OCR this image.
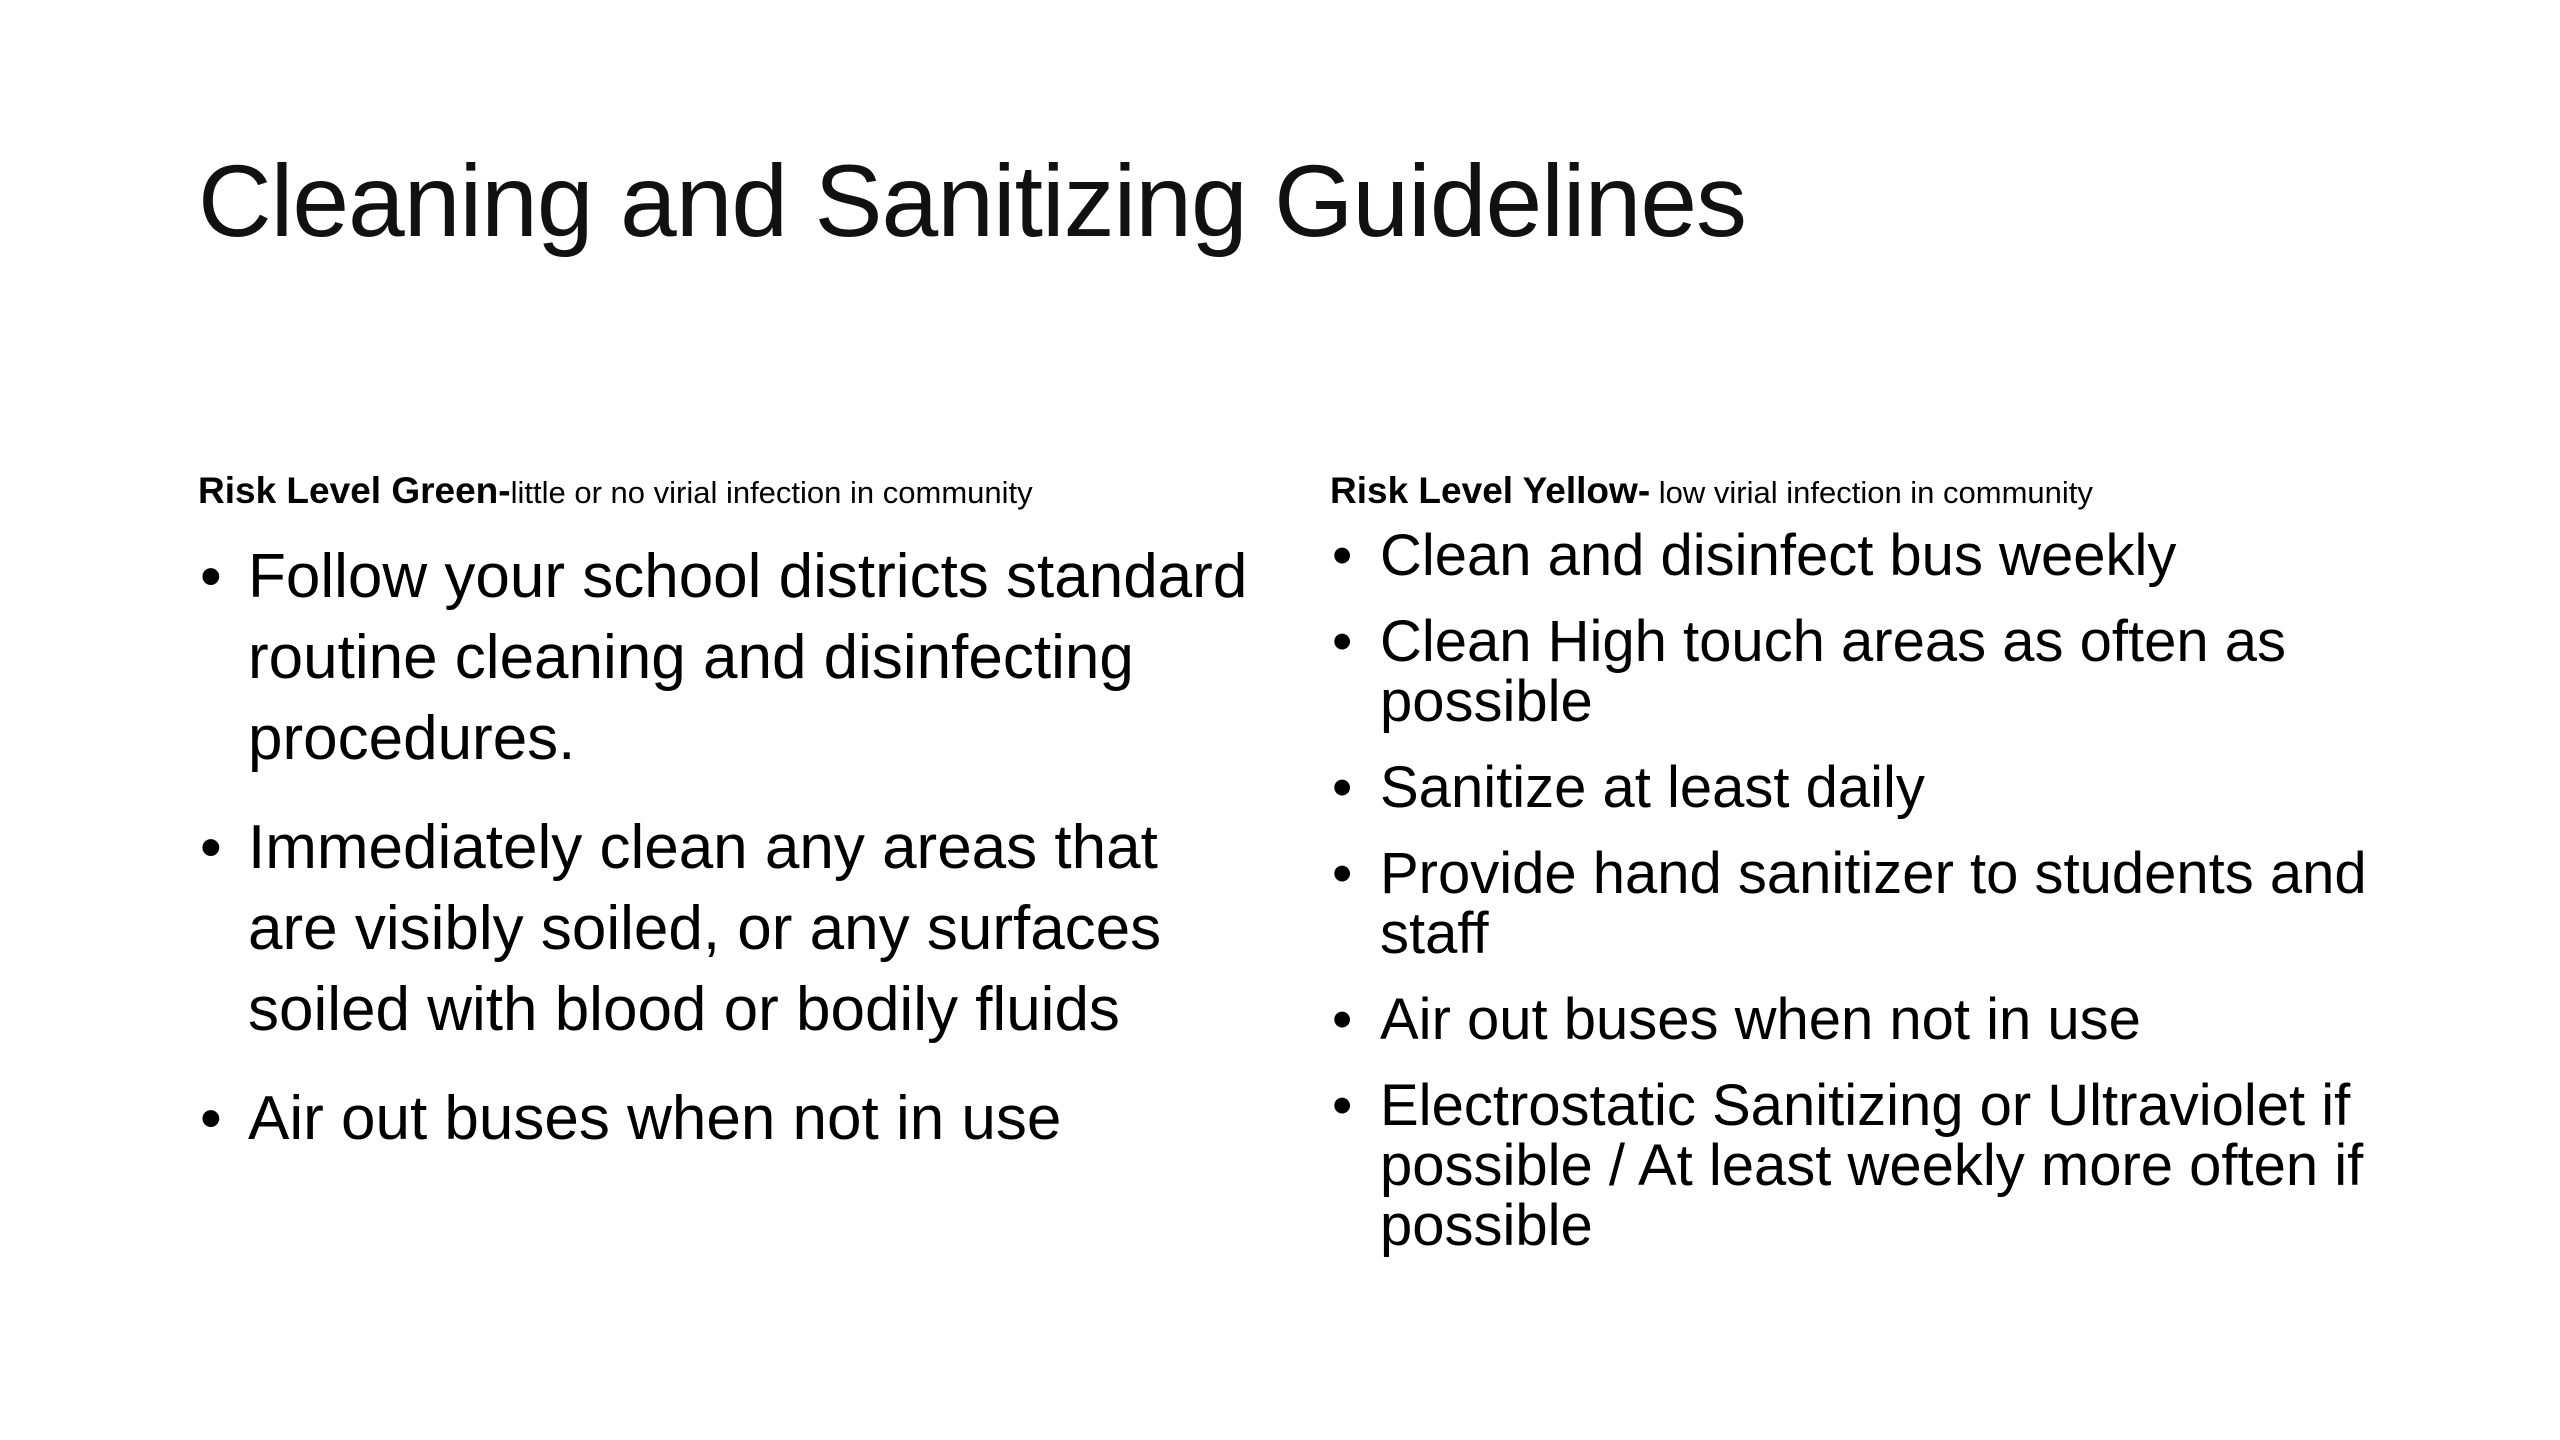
Cleaning and Sanitizing Guidelines

Risk Level Green-little or no virial infection in community

• Follow your school districts standard routine cleaning and disinfecting procedures.
• Immediately clean any areas that are visibly soiled, or any surfaces soiled with blood or bodily fluids
• Air out buses when not in use

Risk Level Yellow- low virial infection in community

• Clean and disinfect bus weekly
• Clean High touch areas as often as possible
• Sanitize at least daily
• Provide hand sanitizer to students and staff
• Air out buses when not in use
• Electrostatic Sanitizing or Ultraviolet if possible / At least weekly more often if possible
